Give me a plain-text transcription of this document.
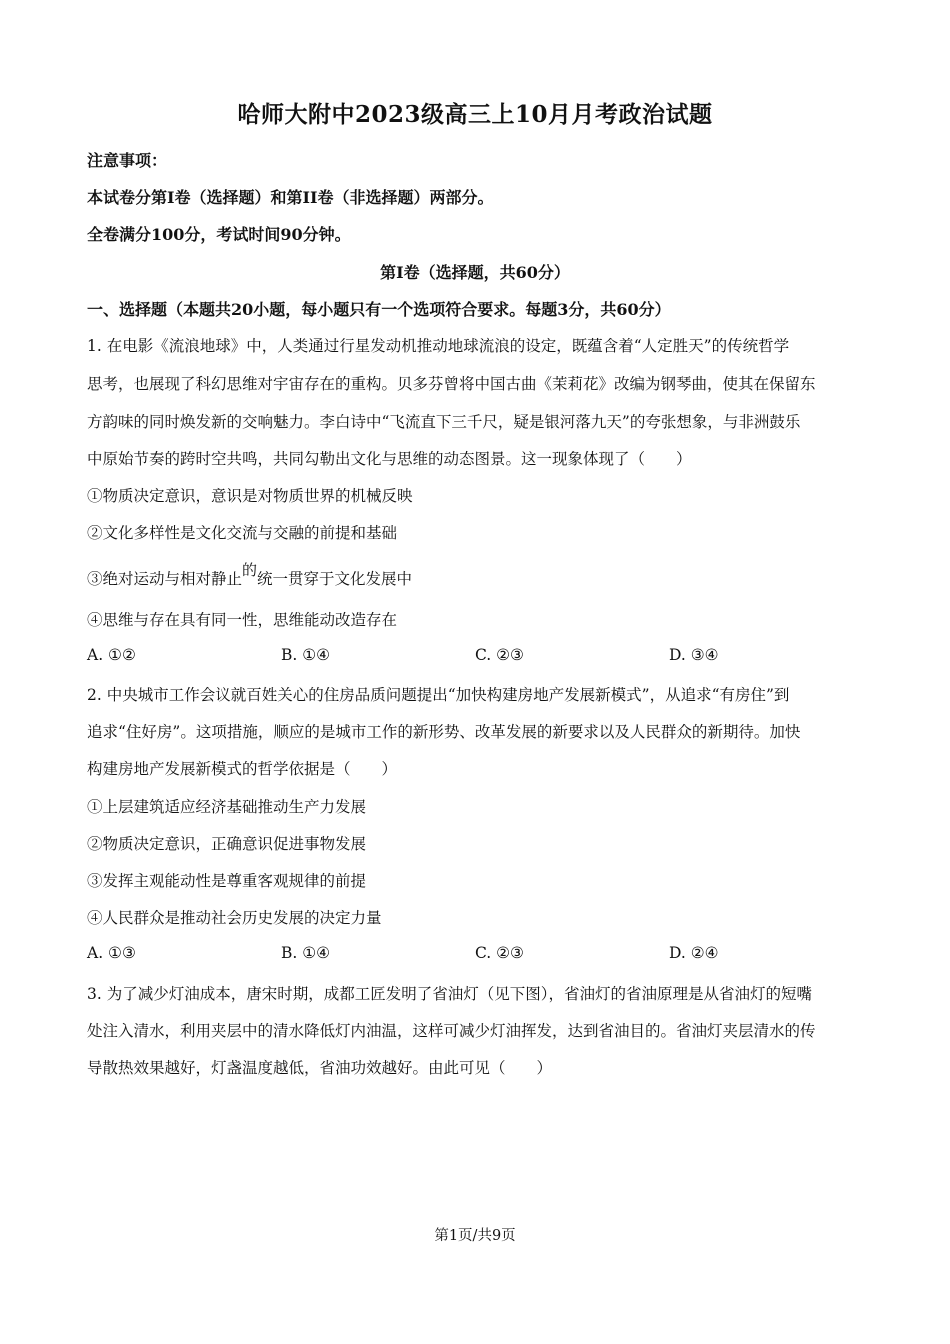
哈师大附中2023级高三上10月月考政治试题
注意事项：
本试卷分第Ⅰ卷（选择题）和第II卷（非选择题）两部分。
全卷满分100分，考试时间90分钟。
第Ⅰ卷（选择题，共60分）
一、选择题（本题共20小题，每小题只有一个选项符合要求。每题3分，共60分）
1. 在电影《流浪地球》中，人类通过行星发动机推动地球流浪的设定，既蕴含着“人定胜天”的传统哲学
思考，也展现了科幻思维对宇宙存在的重构。贝多芬曾将中国古曲《茉莉花》改编为钢琴曲，使其在保留东
方韵味的同时焕发新的交响魅力。李白诗中“飞流直下三千尺，疑是银河落九天”的夸张想象，与非洲鼓乐
中原始节奏的跨时空共鸣，共同勾勒出文化与思维的动态图景。这一现象体现了（　　）
①物质决定意识，意识是对物质世界的机械反映
②文化多样性是文化交流与交融的前提和基础
③绝对运动与相对静止的统一贯穿于文化发展中
④思维与存在具有同一性，思维能动改造存在
A. ①②	B. ①④	C. ②③	D. ③④
2. 中央城市工作会议就百姓关心的住房品质问题提出“加快构建房地产发展新模式”，从追求“有房住”到
追求“住好房”。这项措施，顺应的是城市工作的新形势、改革发展的新要求以及人民群众的新期待。加快
构建房地产发展新模式的哲学依据是（　　）
①上层建筑适应经济基础推动生产力发展
②物质决定意识，正确意识促进事物发展
③发挥主观能动性是尊重客观规律的前提
④人民群众是推动社会历史发展的决定力量
A. ①③	B. ①④	C. ②③	D. ②④
3. 为了减少灯油成本，唐宋时期，成都工匠发明了省油灯（见下图），省油灯的省油原理是从省油灯的短嘴
处注入清水，利用夹层中的清水降低灯内油温，这样可减少灯油挥发，达到省油目的。省油灯夹层清水的传
导散热效果越好，灯盏温度越低，省油功效越好。由此可见（　　）
第1页/共9页
